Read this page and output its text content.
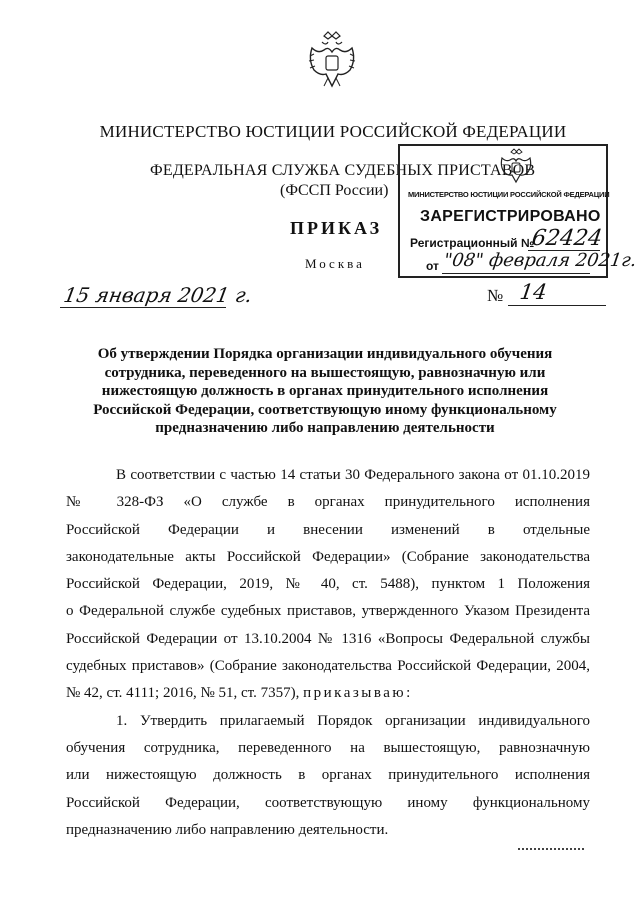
МИНИСТЕРСТВО ЮСТИЦИИ РОССИЙСКОЙ ФЕДЕРАЦИИ
ФЕДЕРАЛЬНАЯ СЛУЖБА СУДЕБНЫХ ПРИСТАВОВ
(ФССП России)
ПРИКАЗ
Москва
МИНИСТЕРСТВО ЮСТИЦИИ РОССИЙСКОЙ ФЕДЕРАЦИИ
ЗАРЕГИСТРИРОВАНО
Регистрационный №
62424
от "08" февраля 2021г.
15 января 2021 г.	№ 14
Об утверждении Порядка организации индивидуального обучения
сотрудника, переведенного на вышестоящую, равнозначную или
нижестоящую должность в органах принудительного исполнения
Российской Федерации, соответствующую иному функциональному
предназначению либо направлению деятельности
В соответствии с частью 14 статьи 30 Федерального закона от 01.10.2019
№ 328-ФЗ «О службе в органах принудительного исполнения
Российской Федерации и внесении изменений в отдельные
законодательные акты Российской Федерации» (Собрание законодательства
Российской Федерации, 2019, № 40, ст. 5488), пунктом 1 Положения
о Федеральной службе судебных приставов, утвержденного Указом Президента
Российской Федерации от 13.10.2004 № 1316 «Вопросы Федеральной службы
судебных приставов» (Собрание законодательства Российской Федерации, 2004,
№ 42, ст. 4111; 2016, № 51, ст. 7357), приказываю:
1. Утвердить прилагаемый Порядок организации индивидуального
обучения сотрудника, переведенного на вышестоящую, равнозначную
или нижестоящую должность в органах принудительного исполнения
Российской Федерации, соответствующую иному функциональному
предназначению либо направлению деятельности.
